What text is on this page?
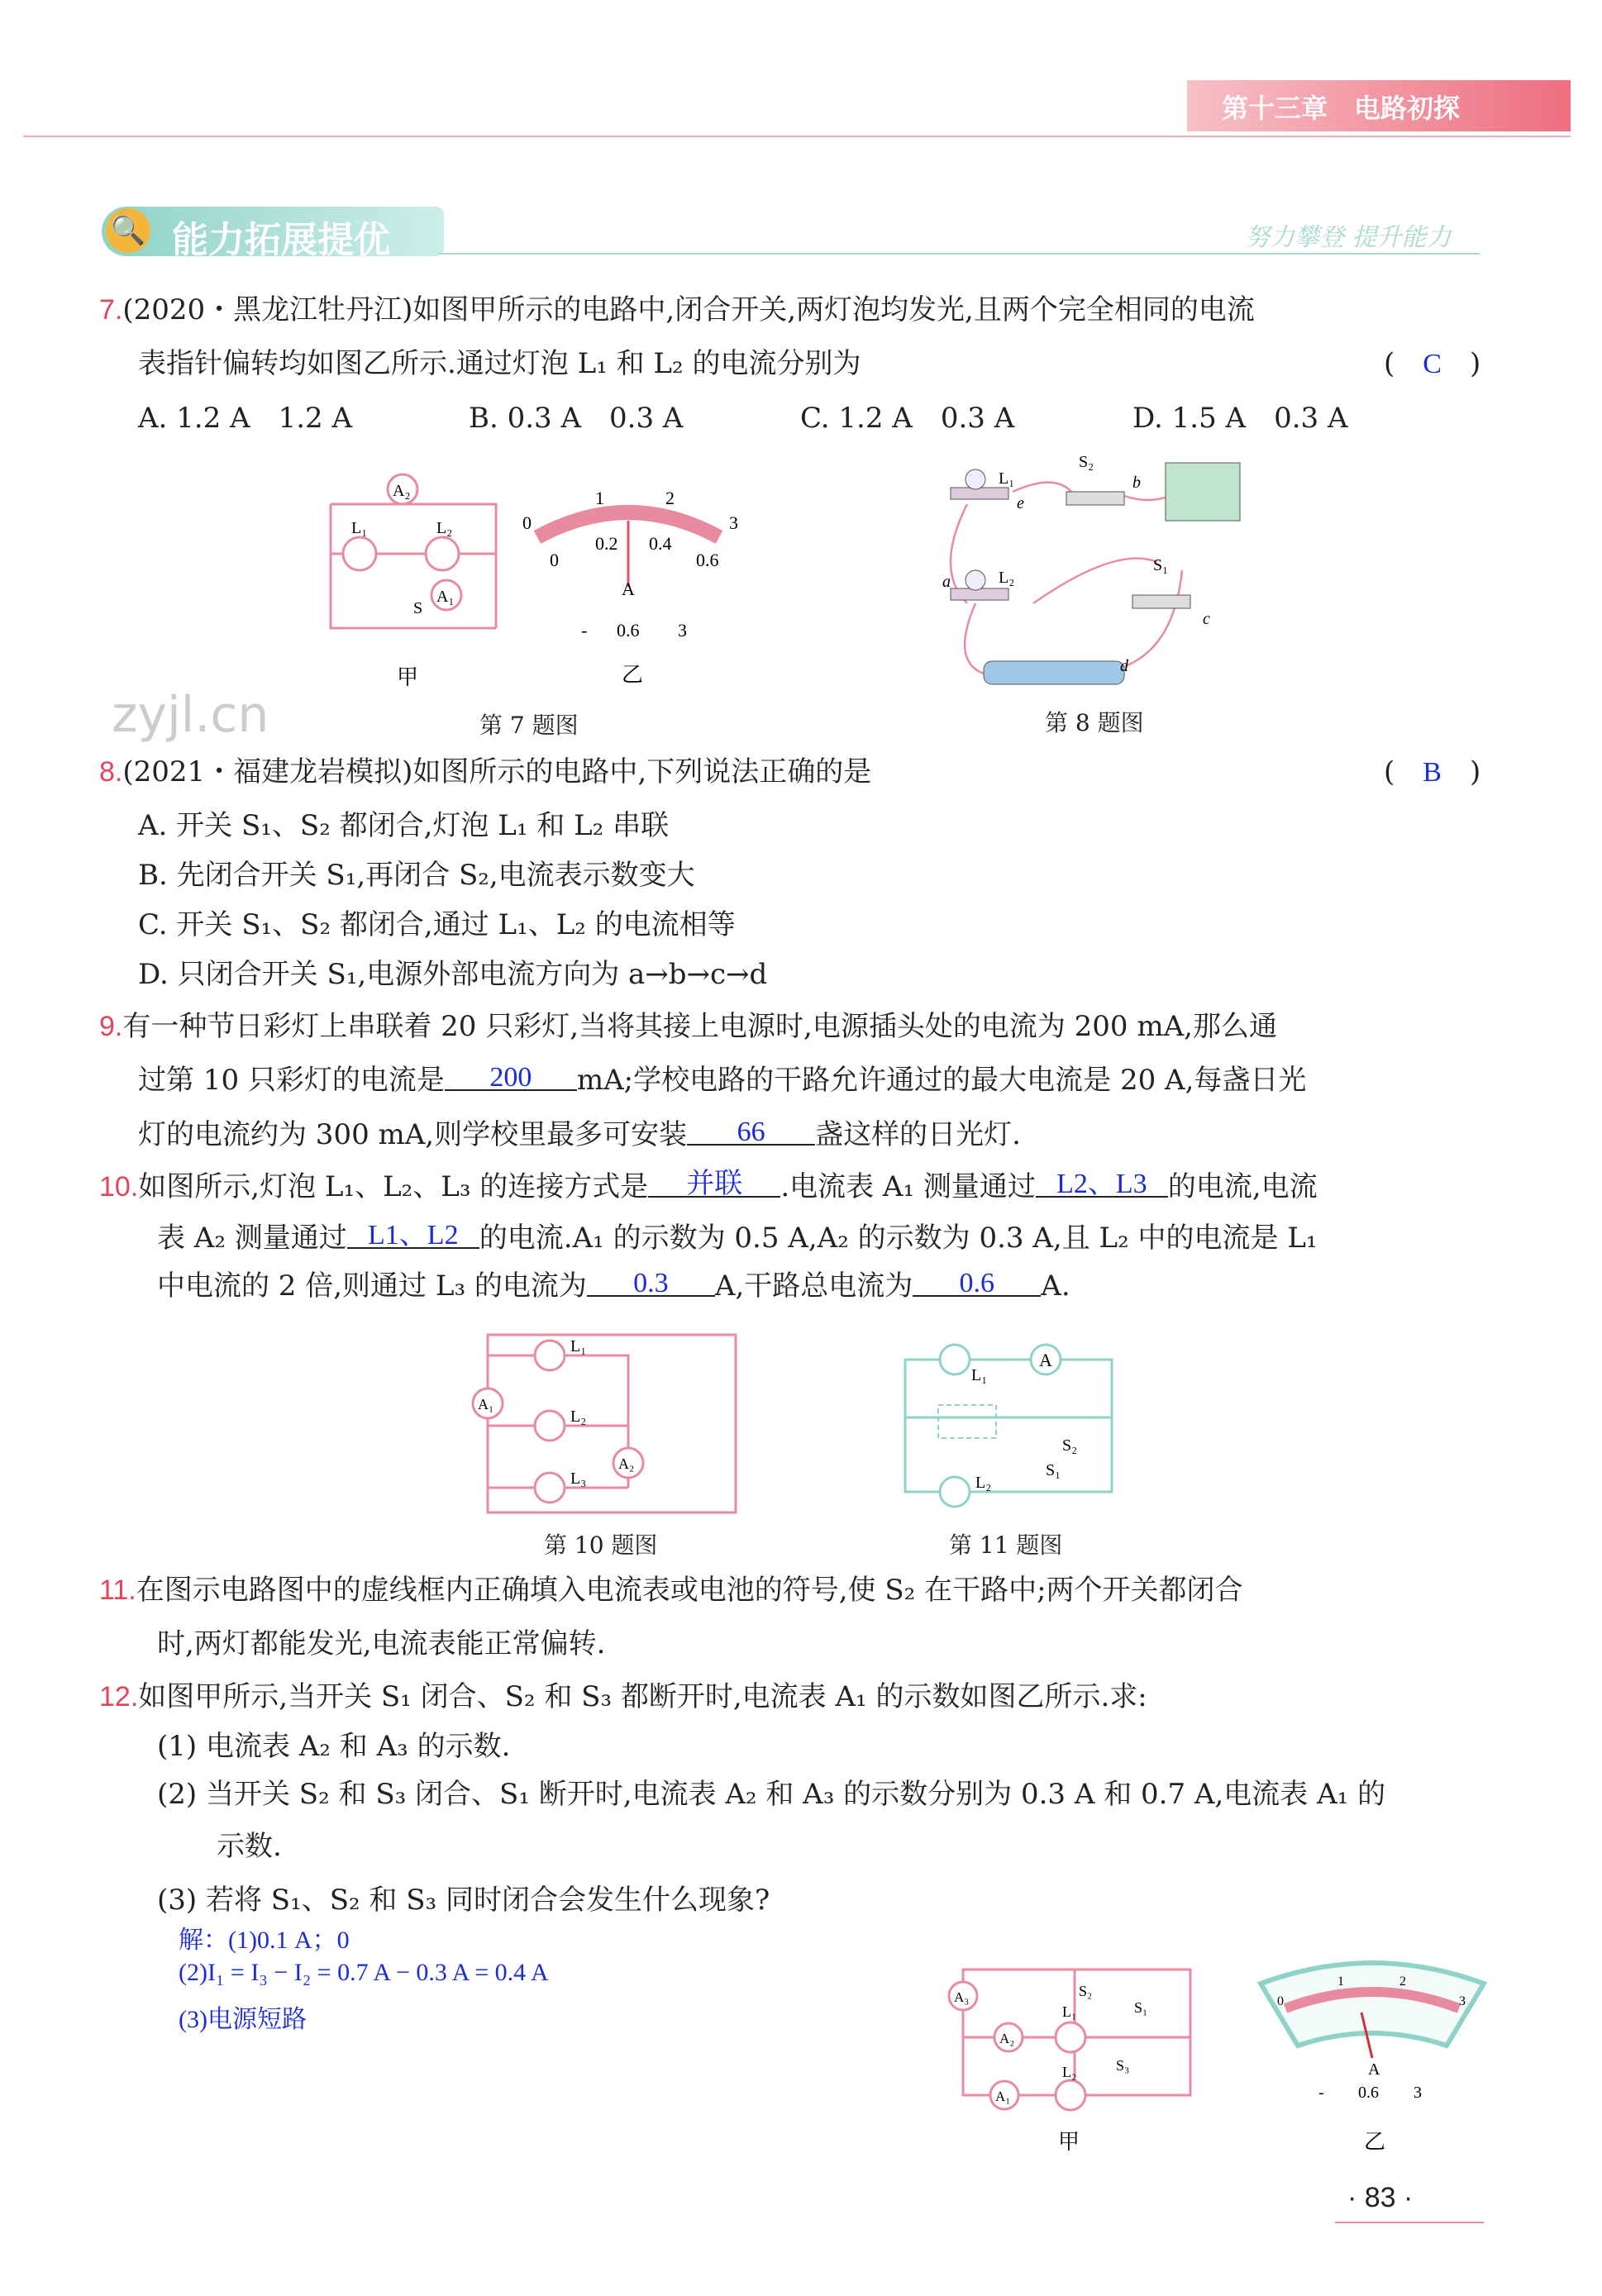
第十三章　电路初探
🔍 能力拓展提优	努力攀登 提升能力
7.(2020・黑龙江牡丹江)如图甲所示的电路中,闭合开关,两灯泡均发光,且两个完全相同的电流
表指针偏转均如图乙所示.通过灯泡 L₁ 和 L₂ 的电流分别为	(　C　)
A. 1.2 A　1.2 A	B. 0.3 A　0.3 A	C. 1.2 A　0.3 A	D. 1.5 A　0.3 A
A₂
L₁	L₂
A₁
S
甲
0
1	2
3
0
0.2 0.4
0.6
A
- 0.6 3
乙
第 7 题图
zyjl.cn
L₁
L₂
S₂
S₁
a
b
c
d
e
第 8 题图
8.(2021・福建龙岩模拟)如图所示的电路中,下列说法正确的是	(　B　)
A. 开关 S₁、S₂ 都闭合,灯泡 L₁ 和 L₂ 串联
B. 先闭合开关 S₁,再闭合 S₂,电流表示数变大
C. 开关 S₁、S₂ 都闭合,通过 L₁、L₂ 的电流相等
D. 只闭合开关 S₁,电源外部电流方向为 a→b→c→d
9.有一种节日彩灯上串联着 20 只彩灯,当将其接上电源时,电源插头处的电流为 200 mA,那么通
过第 10 只彩灯的电流是 200 mA;学校电路的干路允许通过的最大电流是 20 A,每盏日光
灯的电流约为 300 mA,则学校里最多可安装 66 盏这样的日光灯.
10.如图所示,灯泡 L₁、L₂、L₃ 的连接方式是 并联 .电流表 A₁ 测量通过 L2、L3 的电流,电流
表 A₂ 测量通过 L1、L2 的电流.A₁ 的示数为 0.5 A,A₂ 的示数为 0.3 A,且 L₂ 中的电流是 L₁
中电流的 2 倍,则通过 L₃ 的电流为 0.3 A,干路总电流为 0.6 A.
L₁
L₂
L₃
A₁
A₂
第 10 题图
L₁
A
S₂
S₁
L₂
第 11 题图
11.在图示电路图中的虚线框内正确填入电流表或电池的符号,使 S₂ 在干路中;两个开关都闭合
时,两灯都能发光,电流表能正常偏转.
12.如图甲所示,当开关 S₁ 闭合、S₂ 和 S₃ 都断开时,电流表 A₁ 的示数如图乙所示.求:
(1) 电流表 A₂ 和 A₃ 的示数.
(2) 当开关 S₂ 和 S₃ 闭合、S₁ 断开时,电流表 A₂ 和 A₃ 的示数分别为 0.3 A 和 0.7 A,电流表 A₁ 的
示数.
(3) 若将 S₁、S₂ 和 S₃ 同时闭合会发生什么现象?
解：(1)0.1 A；0
(2)I₁ = I₃ − I₂ = 0.7 A − 0.3 A = 0.4 A
(3)电源短路
A₃
A₂
A₁
L₁
L₂
S₂
S₁
S₃
甲
0
1	2
3
A
- 0.6 3
乙
· 83 ·
